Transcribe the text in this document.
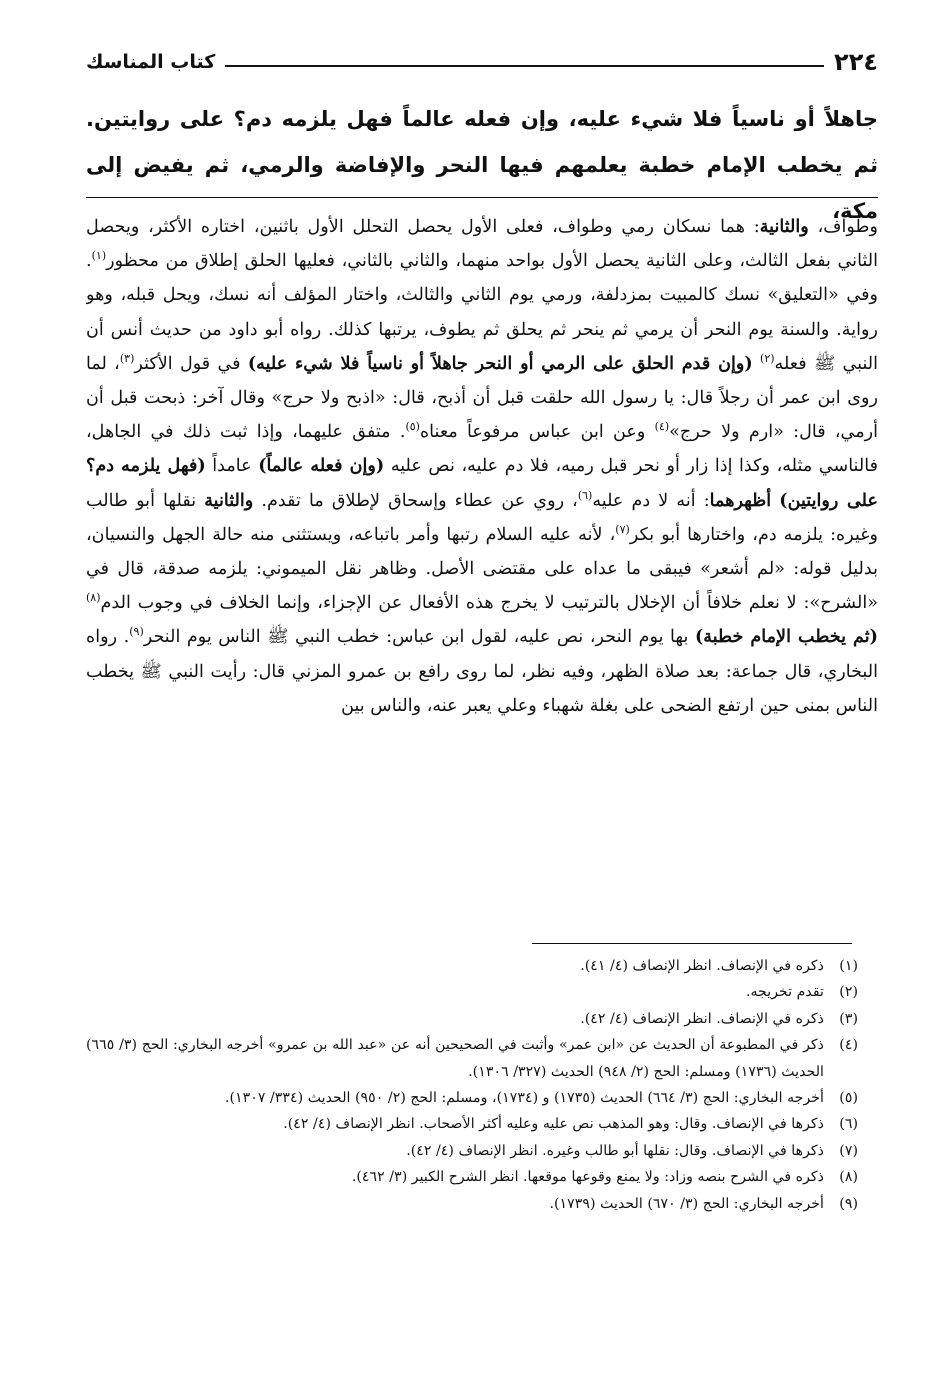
كتاب المناسك	٢٢٤
جاهلاً أو ناسياً فلا شيء عليه، وإن فعله عالماً فهل يلزمه دم؟ على روايتين. ثم يخطب الإمام خطبة يعلمهم فيها النحر والإفاضة والرمي، ثم يفيض إلى مكة،

وطواف، والثانية: هما نسكان رمي وطواف، فعلى الأول يحصل التحلل الأول باثنين، اختاره الأكثر، ويحصل الثاني بفعل الثالث، وعلى الثانية يحصل الأول بواحد منهما، والثاني بالثاني، فعليها الحلق إطلاق من محظور$^{(١)}$. وفي «التعليق» نسك كالمبيت بمزدلفة، ورمي يوم الثاني والثالث، واختار المؤلف أنه نسك، ويحل قبله، وهو رواية. والسنة يوم النحر أن يرمي ثم ينحر ثم يحلق ثم يطوف، يرتبها كذلك. رواه أبو داود من حديث أنس أن النبي ﷺ فعله$^{(٢)}$ (وإن قدم الحلق على الرمي أو النحر جاهلاً أو ناسياً فلا شيء عليه) في قول الأكثر$^{(٣)}$، لما روى ابن عمر أن رجلاً قال: يا رسول الله حلقت قبل أن أذبح، قال: «اذبح ولا حرج» وقال آخر: ذبحت قبل أن أرمي، قال: «ارم ولا حرج»$^{(٤)}$ وعن ابن عباس مرفوعاً معناه$^{(٥)}$. متفق عليهما، وإذا ثبت ذلك في الجاهل، فالناسي مثله، وكذا إذا زار أو نحر قبل رميه، فلا دم عليه، نص عليه (وإن فعله عالماً) عامداً (فهل يلزمه دم؟ على روايتين) أظهرهما: أنه لا دم عليه$^{(٦)}$، روي عن عطاء وإسحاق لإطلاق ما تقدم. والثانية نقلها أبو طالب وغيره: يلزمه دم، واختارها أبو بكر$^{(٧)}$، لأنه عليه السلام رتبها وأمر باتباعه، ويستثنى منه حالة الجهل والنسيان، بدليل قوله: «لم أشعر» فيبقى ما عداه على مقتضى الأصل. وظاهر نقل الميموني: يلزمه صدقة، قال في «الشرح»: لا نعلم خلافاً أن الإخلال بالترتيب لا يخرج هذه الأفعال عن الإجزاء، وإنما الخلاف في وجوب الدم$^{(٨)}$ (ثم يخطب الإمام خطبة) بها يوم النحر، نص عليه، لقول ابن عباس: خطب النبي ﷺ الناس يوم النحر$^{(٩)}$. رواه البخاري، قال جماعة: بعد صلاة الظهر، وفيه نظر، لما روى رافع بن عمرو المزني قال: رأيت النبي ﷺ يخطب الناس بمنى حين ارتفع الضحى على بغلة شهباء وعلي يعبر عنه، والناس بين

(١)
ذكره في الإنصاف. انظر الإنصاف (٤/ ٤١).
(٢)
تقدم تخريجه.
(٣)
ذكره في الإنصاف. انظر الإنصاف (٤/ ٤٢).
(٤)
ذكر في المطبوعة أن الحديث عن «ابن عمر» وأثبت في الصحيحين أنه عن «عبد الله بن عمرو» أخرجه البخاري: الحج (٣/ ٦٦٥) الحديث (١٧٣٦) ومسلم: الحج (٢/ ٩٤٨) الحديث (٣٢٧/ ١٣٠٦).
(٥)
أخرجه البخاري: الحج (٣/ ٦٦٤) الحديث (١٧٣٥) و (١٧٣٤)، ومسلم: الحج (٢/ ٩٥٠) الحديث (٣٣٤/ ١٣٠٧).
(٦)
ذكرها في الإنصاف. وقال: وهو المذهب نص عليه وعليه أكثر الأصحاب. انظر الإنصاف (٤/ ٤٢).
(٧)
ذكرها في الإنصاف. وقال: نقلها أبو طالب وغيره. انظر الإنصاف (٤/ ٤٢).
(٨)
ذكره في الشرح بنصه وزاد: ولا يمنع وقوعها موقعها. انظر الشرح الكبير (٣/ ٤٦٢).
(٩)
أخرجه البخاري: الحج (٣/ ٦٧٠) الحديث (١٧٣٩).
